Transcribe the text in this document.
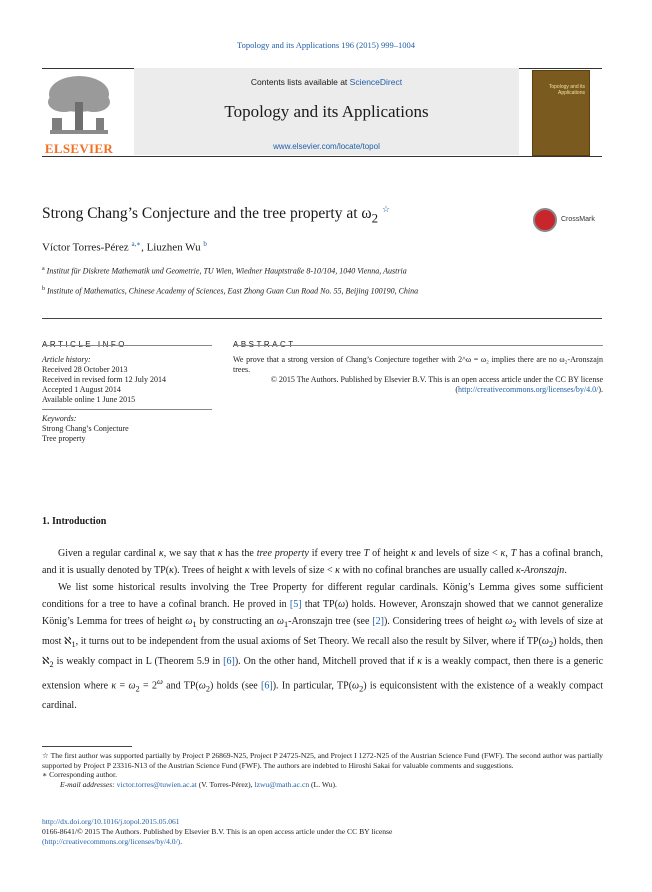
Topology and its Applications 196 (2015) 999–1004
ELSEVIER
Contents lists available at ScienceDirect
Topology and its Applications
www.elsevier.com/locate/topol
Topology and its Applications
Strong Chang’s Conjecture and the tree property at $\omega_2$ ☆
CrossMark
Víctor Torres-Pérez $^{a,∗}$, Liuzhen Wu $^b$
$^a$ Institut für Diskrete Mathematik und Geometrie, TU Wien, Wiedner Hauptstraße 8-10/104, 1040 Vienna, Austria
$^b$ Institute of Mathematics, Chinese Academy of Sciences, East Zhong Guan Cun Road No. 55, Beijing 100190, China
Article history:
Received 28 October 2013
Received in revised form 12 July 2014
Accepted 1 August 2014
Available online 1 June 2015
Keywords:
Strong Chang’s Conjecture
Tree property

We prove that a strong version of Chang’s Conjecture together with 2^ω = ω₂ implies there are no ω₂-Aronszajn trees.

© 2015 The Authors. Published by Elsevier B.V. This is an open access article under the CC BY license (http://creativecommons.org/licenses/by/4.0/).

1. Introduction

Given a regular cardinal κ, we say that κ has the tree property if every tree T of height κ and levels of size < κ, T has a cofinal branch, and it is usually denoted by TP(κ). Trees of height κ with levels of size < κ with no cofinal branches are usually called κ-Aronszajn.

We list some historical results involving the Tree Property for different regular cardinals. König’s Lemma gives some sufficient conditions for a tree to have a cofinal branch. He proved in [5] that TP(ω) holds. However, Aronszajn showed that we cannot generalize König’s Lemma for trees of height $\omega_1$ by constructing an $\omega_1$-Aronszajn tree (see [2]). Considering trees of height $\omega_2$ with levels of size at most ℵ$_1$, it turns out to be independent from the usual axioms of Set Theory. We recall also the result by Silver, where if $TP(\omega_2)$ holds, then ℵ$_2$ is weakly compact in L (Theorem 5.9 in [6]). On the other hand, Mitchell proved that if κ is a weakly compact, then there is a generic extension where $\kappa = \omega_2 = 2^\omega$ and $TP(\omega_2)$ holds (see [6]). In particular, $TP(\omega_2)$ is equiconsistent with the existence of a weakly compact cardinal.

☆ The first author was supported partially by Project P 26869-N25, Project P 24725-N25, and Project I 1272-N25 of the Austrian Science Fund (FWF). The second author was partially supported by Project P 23316-N13 of the Austrian Science Fund (FWF). The authors are indebted to Hiroshi Sakai for valuable comments and suggestions.

∗ Corresponding author.

E-mail addresses: victor.torres@tuwien.ac.at (V. Torres-Pérez), lzwu@math.ac.cn (L. Wu).

http://dx.doi.org/10.1016/j.topol.2015.05.061

0166-8641/© 2015 The Authors. Published by Elsevier B.V. This is an open access article under the CC BY license

(http://creativecommons.org/licenses/by/4.0/).
